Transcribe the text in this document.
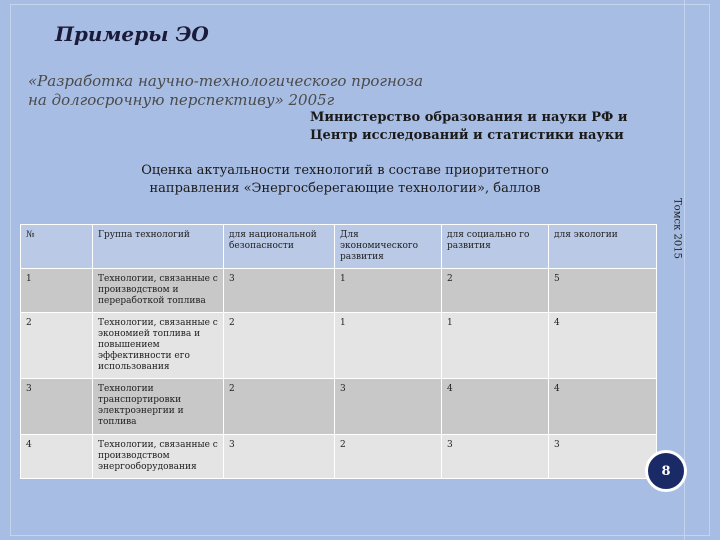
Примеры ЭО
«Разработка научно-технологического прогноза
на долгосрочную перспективу» 2005г
Министерство образования и науки РФ и
Центр исследований и статистики науки
Оценка актуальности технологий в составе приоритетного
направления «Энергосберегающие технологии», баллов
Томск 2015
№	Группа технологий	для национальной безопасности	Для экономического развития	для социально го развития	для экологии
1	Технологии, связанные с производством и переработкой топлива	3	1	2	5
2	Технологии, связанные с экономией топлива и повышением эффективности его использования	2	1	1	4
3	Технологии транспортировки электроэнергии и топлива	2	3	4	4
4	Технологии, связанные с производством энергооборудования	3	2	3	3
8
